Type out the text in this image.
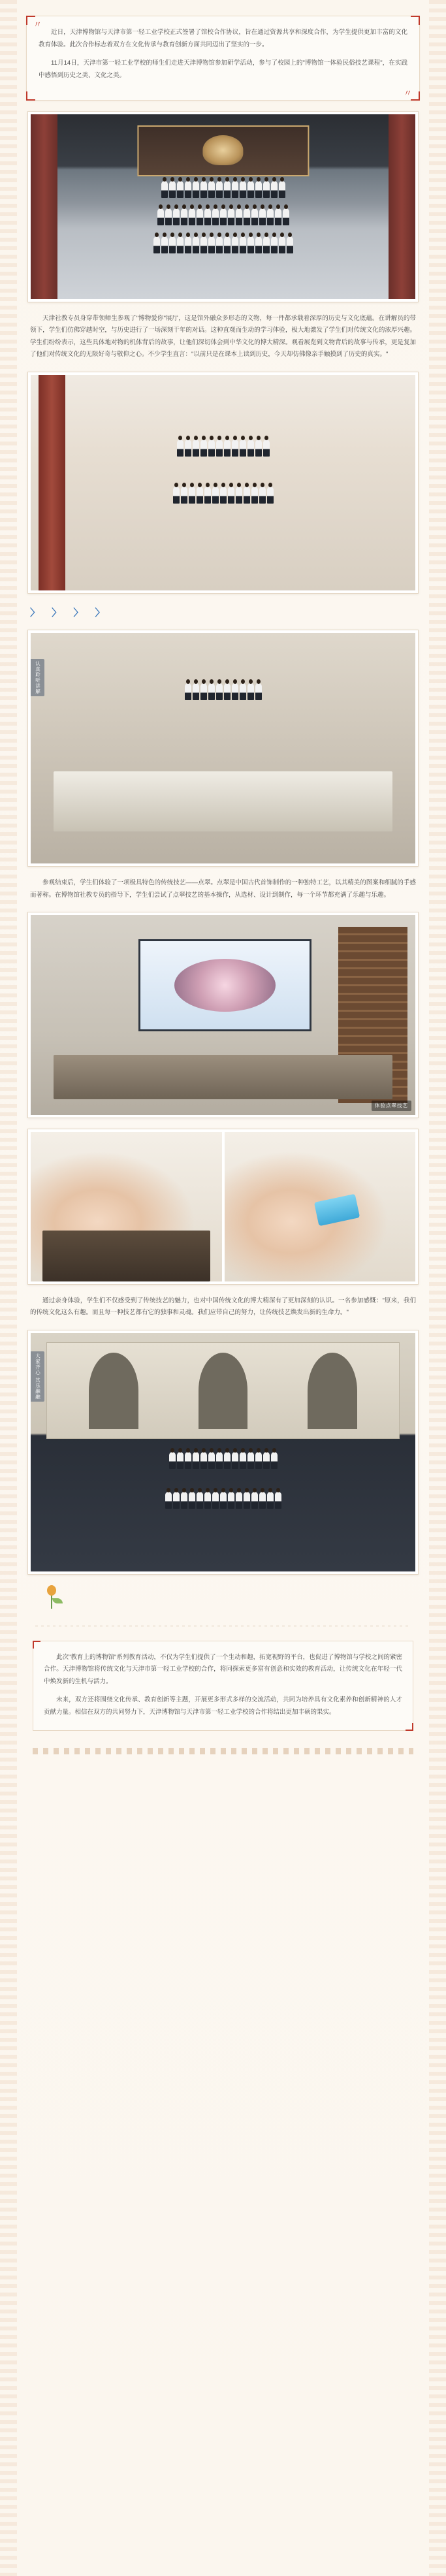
〃

近日，天津博物馆与天津市第一轻工业学校正式签署了馆校合作协议，旨在通过资源共享和深度合作，为学生提供更加丰富的文化教育体验。此次合作标志着双方在文化传承与教育创新方面共同迈出了坚实的一步。

11月14日，天津市第一轻工业学校的师生们走进天津博物馆参加研学活动，参与了校园上的"博物馆一体验民俗技艺课程"，在实践中感悟到历史之美、文化之美。

〃

天津社教专员身穿带领师生参观了"博物爱你"展厅，这是馆外融众多形态的文物，每一件都承载着深厚的历史与文化底蕴。在讲解员的带领下，学生们仿佛穿越时空，与历史进行了一场深刻干年的对话。这种直观而生动的学习体验，极大地激发了学生们对传统文化的浓厚兴趣。学生们纷纷表示，这些具体地对物的机体背后的故事，让他们深切体会到中华文化的博大精深。观看展览到文物背后的故事与传承，更是复加了他们对传统文化的无限好奇与敬仰之心。不少学生直言："以前只是在课本上读到历史，今天却仿佛像亲手触摸到了历史的真实。"

〉 〉 〉 〉
认真聆听讲解

参观结束后，学生们体验了一项极具特色的传统技艺——点翠。点翠是中国古代首饰制作的一种独特工艺，以其精美的图案和细腻的手感而著称。在博物馆社教专员的指导下，学生们尝试了点翠技艺的基本操作，从选材、设计到制作，每一个环节都充满了乐趣与乐趣。

体验点翠技艺

通过亲身体验，学生们不仅感受到了传统技艺的魅力，也对中国传统文化的博大精深有了更加深刻的认识。一名参加感慨："原来，我们的传统文化这么有趣。而且每一种技艺都有它的独事和灵魂。我们应带自己的努力，让传统技艺焕发出新的生命力。"

大家齐心 其乐融融

此次"教育上的博物馆"系列教育活动，不仅为学生们提供了一个生动和趣，拓宽视野的平台，也促进了博物馆与学校之间的紧密合作。天津博物馆将传统文化与天津市第一轻工业学校的合作，将同探索更多富有创意和实效的教育活动，让传统文化在年轻一代中焕发新的生机与活力。

未来，双方还将围绕文化传承、教育创新等主题，开展更多形式多样的交流活动，共同为培养具有文化素养和创新精神的人才贡献力量。相信在双方的共同努力下，天津博物馆与天津市第一轻工业学校的合作将结出更加丰硕的果实。
